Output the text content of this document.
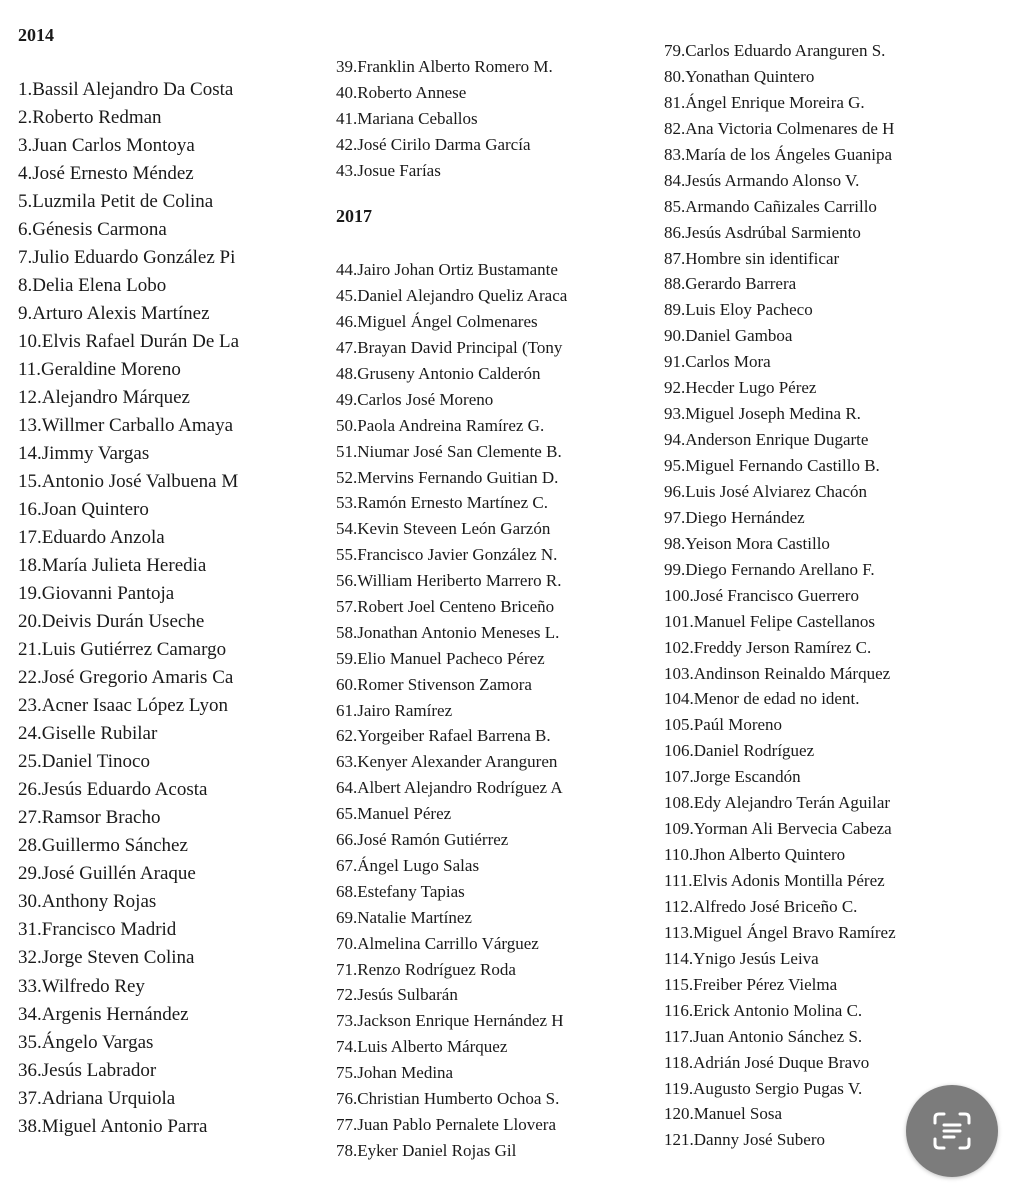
2014
1.Bassil Alejandro Da Costa
2.Roberto Redman
3.Juan Carlos Montoya
4.José Ernesto Méndez
5.Luzmila Petit de Colina
6.Génesis Carmona
7.Julio Eduardo González Pi
8.Delia Elena Lobo
9.Arturo Alexis Martínez
10.Elvis Rafael Durán De La
11.Geraldine Moreno
12.Alejandro Márquez
13.Willmer Carballo Amaya
14.Jimmy Vargas
15.Antonio José Valbuena M
16.Joan Quintero
17.Eduardo Anzola
18.María Julieta Heredia
19.Giovanni Pantoja
20.Deivis Durán Useche
21.Luis Gutiérrez Camargo
22.José Gregorio Amaris Ca
23.Acner Isaac López Lyon
24.Giselle Rubilar
25.Daniel Tinoco
26.Jesús Eduardo Acosta
27.Ramsor Bracho
28.Guillermo Sánchez
29.José Guillén Araque
30.Anthony Rojas
31.Francisco Madrid
32.Jorge Steven Colina
33.Wilfredo Rey
34.Argenis Hernández
35.Ángelo Vargas
36.Jesús Labrador
37.Adriana Urquiola
38.Miguel Antonio Parra
39.Franklin Alberto Romero M.
40.Roberto Annese
41.Mariana Ceballos
42.José Cirilo Darma García
43.Josue Farías
2017
44.Jairo Johan Ortiz Bustamante
45.Daniel Alejandro Queliz Araca
46.Miguel Ángel Colmenares
47.Brayan David Principal (Tony
48.Gruseny Antonio Calderón
49.Carlos José Moreno
50.Paola Andreina Ramírez G.
51.Niumar José San Clemente B.
52.Mervins Fernando Guitian D.
53.Ramón Ernesto Martínez C.
54.Kevin Steveen León Garzón
55.Francisco Javier González N.
56.William Heriberto Marrero R.
57.Robert Joel Centeno Briceño
58.Jonathan Antonio Meneses L.
59.Elio Manuel Pacheco Pérez
60.Romer Stivenson Zamora
61.Jairo Ramírez
62.Yorgeiber Rafael Barrena B.
63.Kenyer Alexander Aranguren
64.Albert Alejandro Rodríguez A
65.Manuel Pérez
66.José Ramón Gutiérrez
67.Ángel Lugo Salas
68.Estefany Tapias
69.Natalie Martínez
70.Almelina Carrillo Várguez
71.Renzo Rodríguez Roda
72.Jesús Sulbarán
73.Jackson Enrique Hernández H
74.Luis Alberto Márquez
75.Johan Medina
76.Christian Humberto Ochoa S.
77.Juan Pablo Pernalete Llovera
78.Eyker Daniel Rojas Gil
79.Carlos Eduardo Aranguren S.
80.Yonathan Quintero
81.Ángel Enrique Moreira G.
82.Ana Victoria Colmenares de H
83.María de los Ángeles Guanipa
84.Jesús Armando Alonso V.
85.Armando Cañizales Carrillo
86.Jesús Asdrúbal Sarmiento
87.Hombre sin identificar
88.Gerardo Barrera
89.Luis Eloy Pacheco
90.Daniel Gamboa
91.Carlos Mora
92.Hecder Lugo Pérez
93.Miguel Joseph Medina R.
94.Anderson Enrique Dugarte
95.Miguel Fernando Castillo B.
96.Luis José Alviarez Chacón
97.Diego Hernández
98.Yeison Mora Castillo
99.Diego Fernando Arellano F.
100.José Francisco Guerrero
101.Manuel Felipe Castellanos
102.Freddy Jerson Ramírez C.
103.Andinson Reinaldo Márquez
104.Menor de edad no ident.
105.Paúl Moreno
106.Daniel Rodríguez
107.Jorge Escandón
108.Edy Alejandro Terán Aguilar
109.Yorman Ali Bervecia Cabeza
110.Jhon Alberto Quintero
111.Elvis Adonis Montilla Pérez
112.Alfredo José Briceño C.
113.Miguel Ángel Bravo Ramírez
114.Ynigo Jesús Leiva
115.Freiber Pérez Vielma
116.Erick Antonio Molina C.
117.Juan Antonio Sánchez S.
118.Adrián José Duque Bravo
119.Augusto Sergio Pugas V.
120.Manuel Sosa
121.Danny José Subero
